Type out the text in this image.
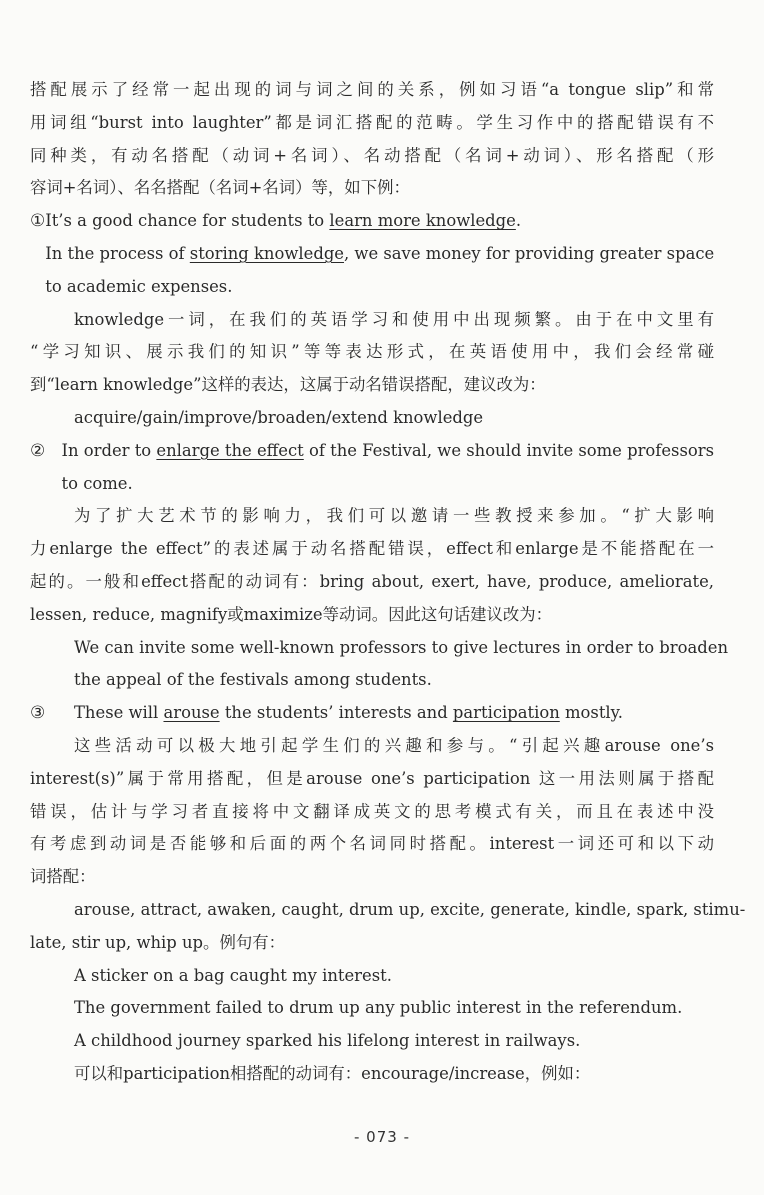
搭配展示了经常一起出现的词与词之间的关系，例如习语“a tongue slip”和常

用词组“burst into laughter”都是词汇搭配的范畴。学生习作中的搭配错误有不

同种类，有动名搭配（动词+名词）、名动搭配（名词+动词）、形名搭配（形

容词+名词）、名名搭配（名词+名词）等，如下例：

① It’s a good chance for students to learn more knowledge.

In the process of storing knowledge, we save money for providing greater space

to academic expenses.

knowledge一词，在我们的英语学习和使用中出现频繁。由于在中文里有

“学习知识、展示我们的知识”等等表达形式，在英语使用中，我们会经常碰

到“learn knowledge”这样的表达，这属于动名错误搭配，建议改为：

acquire/gain/improve/broaden/extend knowledge

② In order to enlarge the effect of the Festival, we should invite some professors

to come.

为了扩大艺术节的影响力，我们可以邀请一些教授来参加。“扩大影响

力enlarge the effect”的表述属于动名搭配错误，effect和enlarge是不能搭配在一

起的。一般和effect搭配的动词有：bring about, exert, have, produce, ameliorate,

lessen, reduce, magnify或maximize等动词。因此这句话建议改为：

We can invite some well-known professors to give lectures in order to broaden

the appeal of the festivals among students.

③	These will arouse the students’ interests and participation mostly.

这些活动可以极大地引起学生们的兴趣和参与。“引起兴趣arouse one’s

interest(s)”属于常用搭配，但是arouse one’s participation 这一用法则属于搭配

错误，估计与学习者直接将中文翻译成英文的思考模式有关，而且在表述中没

有考虑到动词是否能够和后面的两个名词同时搭配。interest一词还可和以下动

词搭配：

arouse, attract, awaken, caught, drum up, excite, generate, kindle, spark, stimu-

late, stir up, whip up。例句有：

A sticker on a bag caught my interest.

The government failed to drum up any public interest in the referendum.

A childhood journey sparked his lifelong interest in railways.

可以和participation相搭配的动词有：encourage/increase，例如：

- 073 -
